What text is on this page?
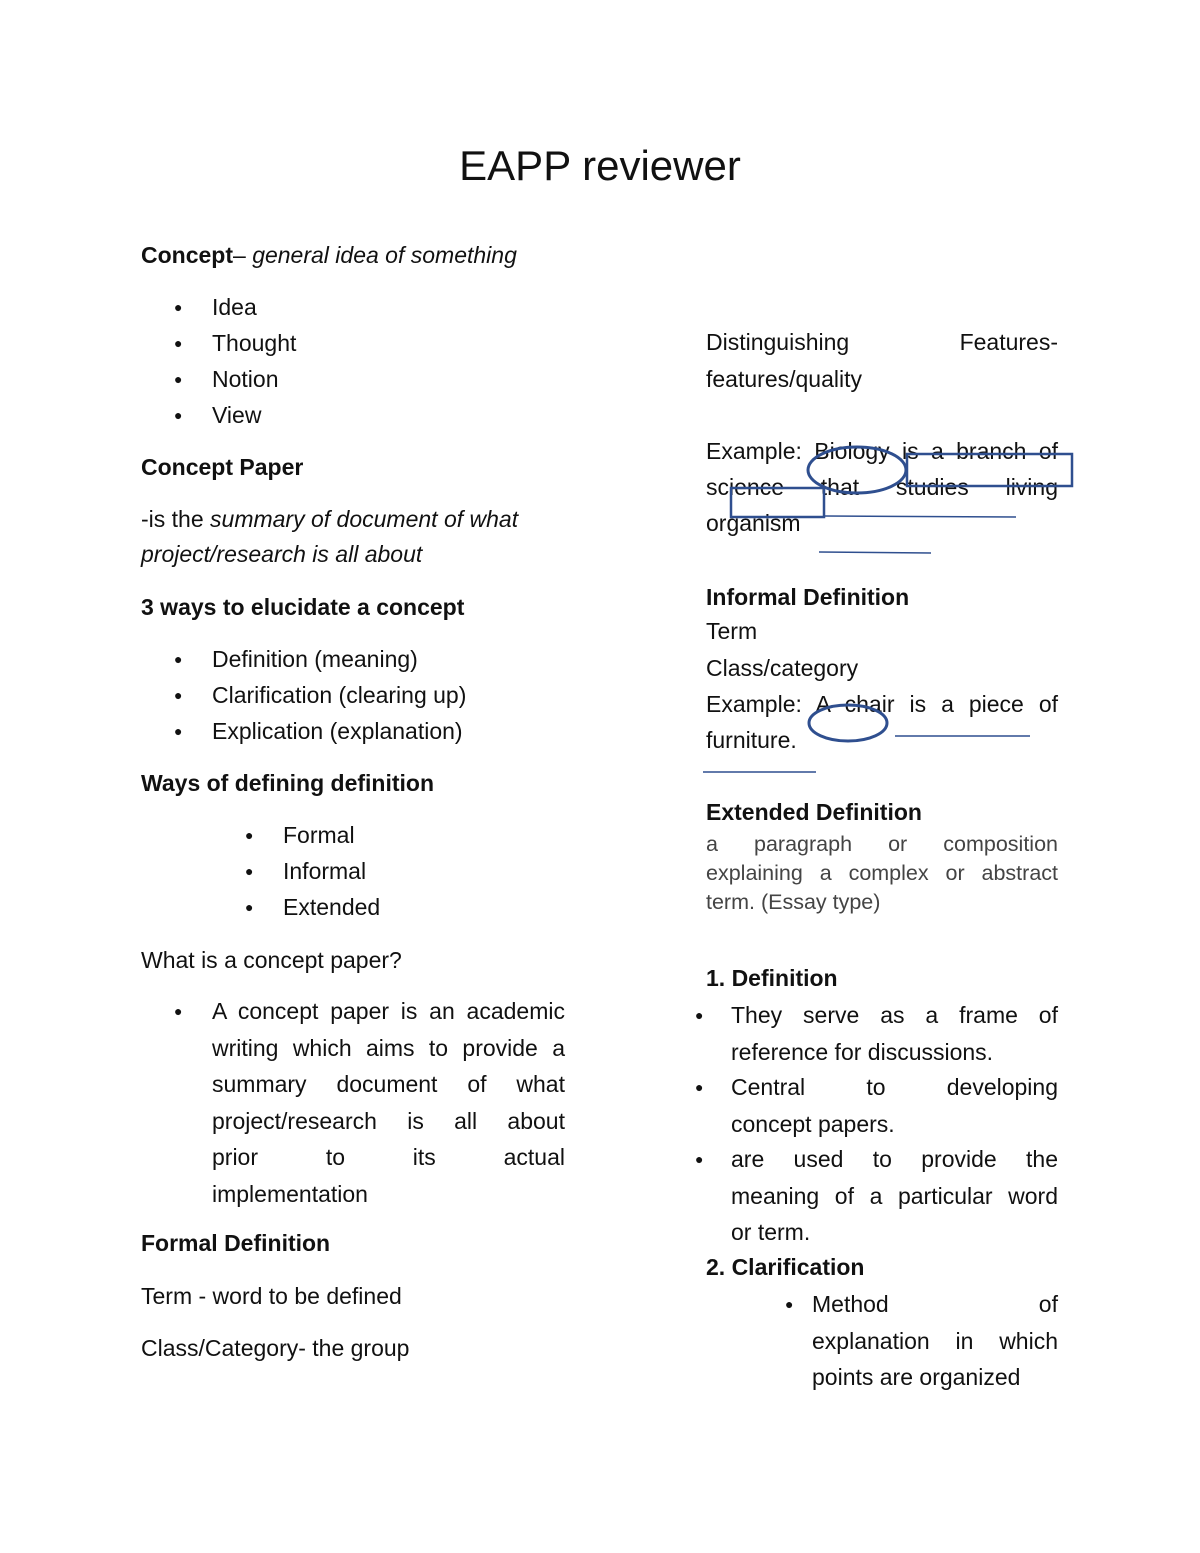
EAPP reviewer
Concept– general idea of something
● Idea
● Thought
● Notion
● View
Concept Paper
-is the summary of document of what
project/research is all about
3 ways to elucidate a concept
● Definition (meaning)
● Clarification (clearing up)
● Explication (explanation)
Ways of defining definition
● Formal
● Informal
● Extended
What is a concept paper?
● A concept paper is an academic
writing which aims to provide a
summary document of what
project/research is all about
prior to its actual
implementation
Formal Definition
Term - word to be defined
Class/Category- the group
Distinguishing Features-
features/quality
Example: Biology is a branch of
science that studies living
organism
Informal Definition
Term
Class/category
Example: A chair is a piece of
furniture.
Extended Definition
a paragraph or composition
explaining a complex or abstract
term. (Essay type)
1. Definition
● They serve as a frame of
reference for discussions.
● Central to developing
concept papers.
● are used to provide the
meaning of a particular word
or term.
2. Clarification
● Method of
explanation in which
points are organized
